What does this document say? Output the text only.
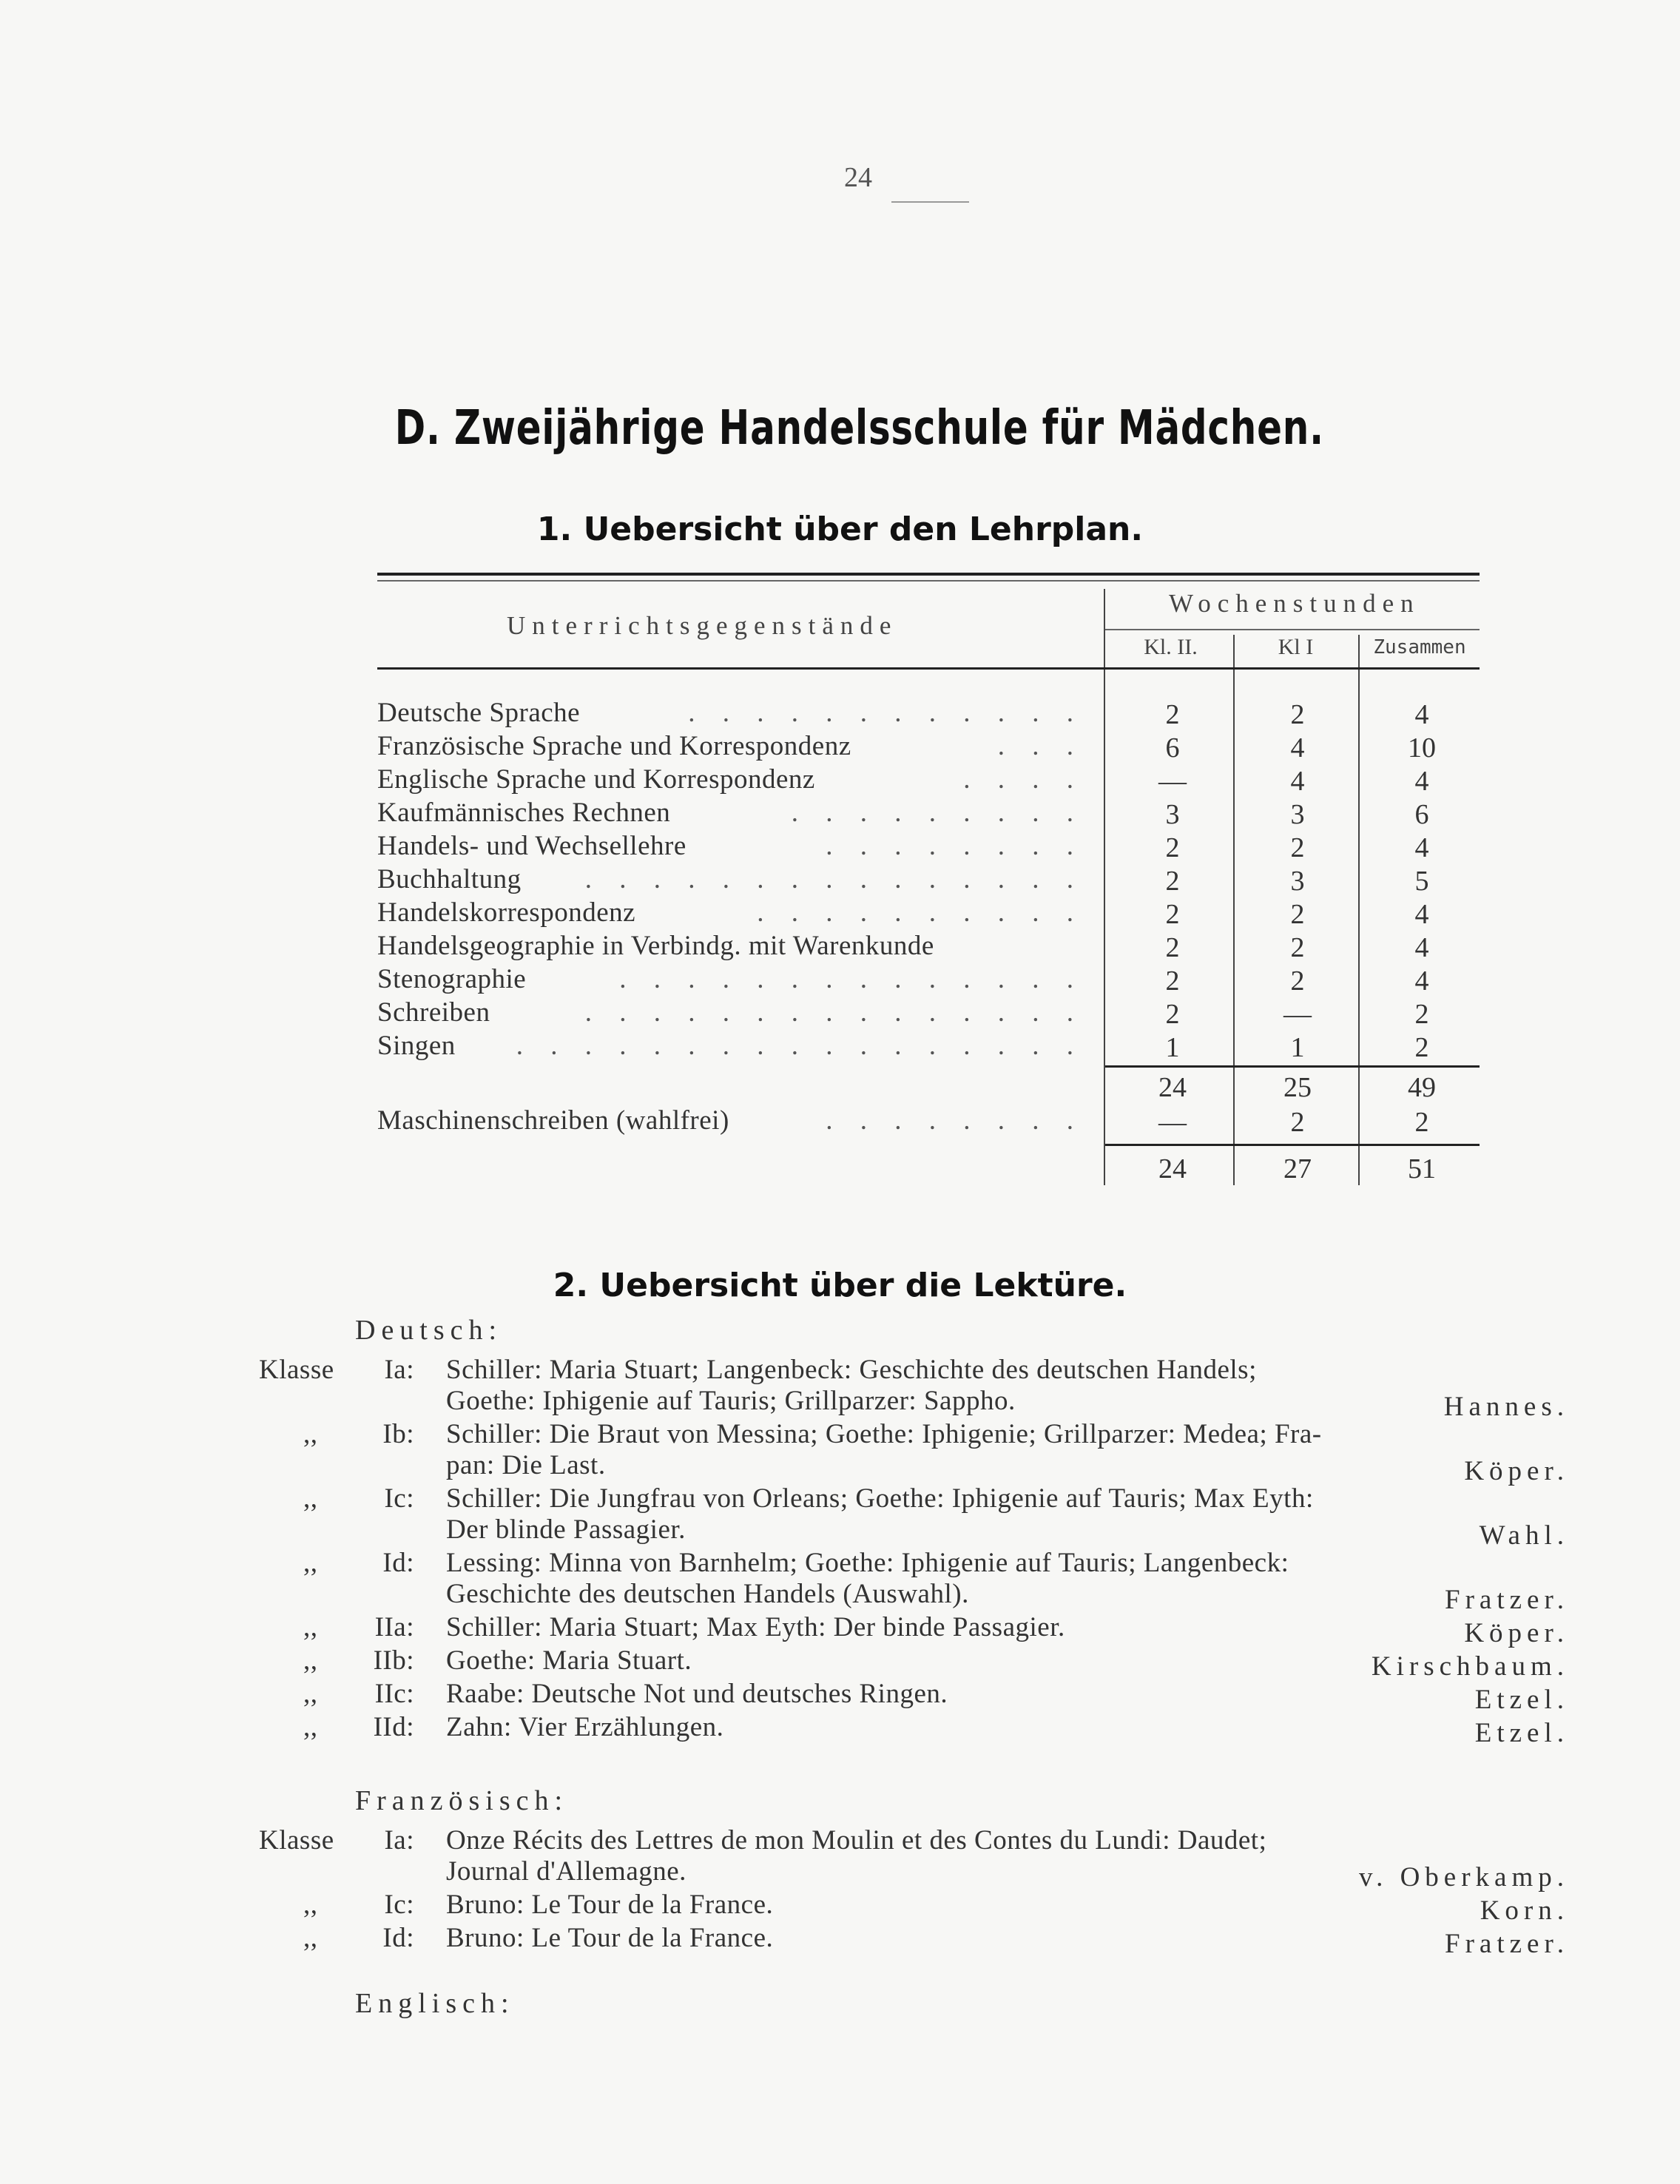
24
D. Zweijährige Handelsschule für Mädchen.
1. Uebersicht über den Lehrplan.
Unterrichtsgegenstände
Wochenstunden
Kl. II.	Kl I	Zusammen
Deutsche Sprache	. . . . . . . . . . . .	2	2	4
Französische Sprache und Korrespondenz	. . .	6	4	10
Englische Sprache und Korrespondenz	. . . .	—	4	4
Kaufmännisches Rechnen	. . . . . . . . .	3	3	6
Handels- und Wechsellehre	. . . . . . . .	2	2	4
Buchhaltung . . . . . . . . . . . . . . .	2	3	5
Handelskorrespondenz	. . . . . . . . . .	2	2	4
Handelsgeographie in Verbindg. mit Warenkunde	2	2	4
Stenographie	. . . . . . . . . . . . . .	2	2	4
Schreiben	. . . . . . . . . . . . . . .	2	—	2
Singen . . . . . . . . . . . . . . . . .	1	1	2
24	25	49
Maschinenschreiben (wahlfrei)	. . . . . . . .	—	2	2
24	27	51
2. Uebersicht über die Lektüre.
Deutsch:
Klasse	Ia: Schiller: Maria Stuart; Langenbeck: Geschichte des deutschen Handels;
Goethe: Iphigenie auf Tauris; Grillparzer: Sappho.	Hannes.
,,	Ib: Schiller: Die Braut von Messina; Goethe: Iphigenie; Grillparzer: Medea; Fra-
pan: Die Last.	Köper.
,,	Ic: Schiller: Die Jungfrau von Orleans; Goethe: Iphigenie auf Tauris; Max Eyth:
Der blinde Passagier.	Wahl.
,,	Id: Lessing: Minna von Barnhelm; Goethe: Iphigenie auf Tauris; Langenbeck:
Geschichte des deutschen Handels (Auswahl).	Fratzer.
,,	IIa: Schiller: Maria Stuart; Max Eyth: Der binde Passagier.	Köper.
,,	IIb: Goethe: Maria Stuart.	Kirschbaum.
,,	IIc: Raabe: Deutsche Not und deutsches Ringen.	Etzel.
,,	IId: Zahn: Vier Erzählungen.	Etzel.
Französisch:
Klasse	Ia: Onze Récits des Lettres de mon Moulin et des Contes du Lundi: Daudet;
Journal d'Allemagne.	v. Oberkamp.
,,	Ic: Bruno: Le Tour de la France.	Korn.
,,	Id: Bruno: Le Tour de la France.	Fratzer.
Englisch:
